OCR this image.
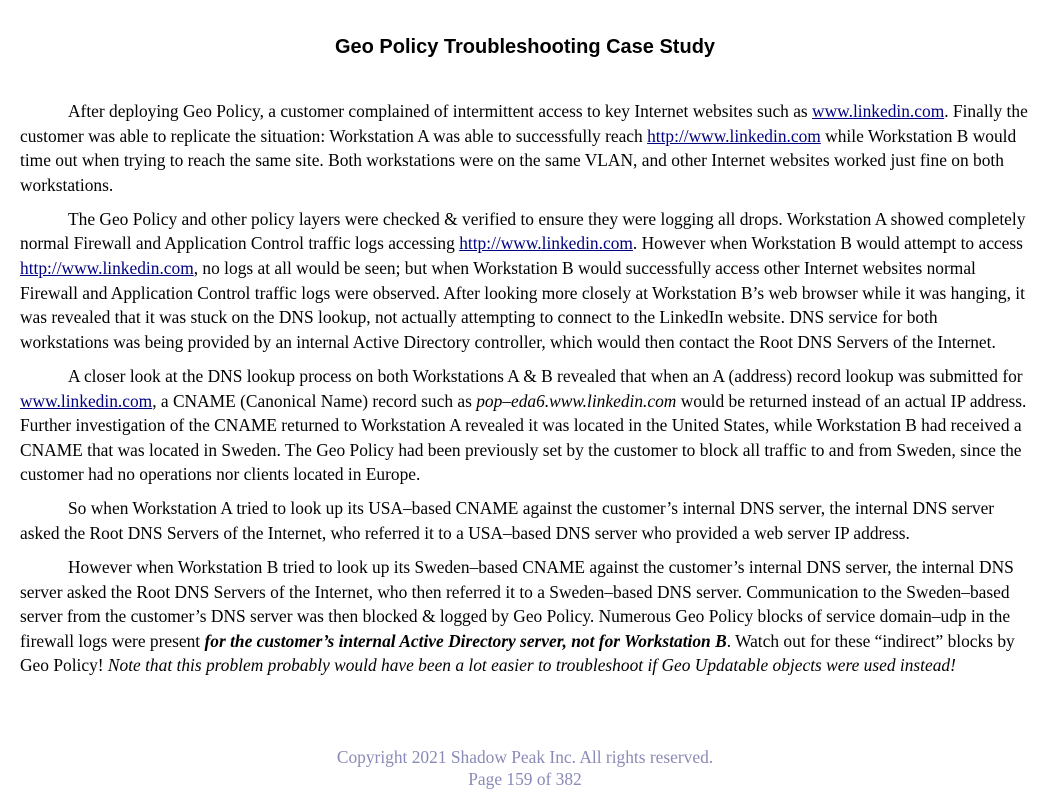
Geo Policy Troubleshooting Case Study

After deploying Geo Policy, a customer complained of intermittent access to key Internet websites such as www.linkedin.com. Finally the customer was able to replicate the situation: Workstation A was able to successfully reach http://www.linkedin.com while Workstation B would time out when trying to reach the same site. Both workstations were on the same VLAN, and other Internet websites worked just fine on both workstations.

The Geo Policy and other policy layers were checked & verified to ensure they were logging all drops. Workstation A showed completely normal Firewall and Application Control traffic logs accessing http://www.linkedin.com. However when Workstation B would attempt to access http://www.linkedin.com, no logs at all would be seen; but when Workstation B would successfully access other Internet websites normal Firewall and Application Control traffic logs were observed. After looking more closely at Workstation B’s web browser while it was hanging, it was revealed that it was stuck on the DNS lookup, not actually attempting to connect to the LinkedIn website. DNS service for both workstations was being provided by an internal Active Directory controller, which would then contact the Root DNS Servers of the Internet.

A closer look at the DNS lookup process on both Workstations A & B revealed that when an A (address) record lookup was submitted for www.linkedin.com, a CNAME (Canonical Name) record such as pop–eda6.www.linkedin.com would be returned instead of an actual IP address. Further investigation of the CNAME returned to Workstation A revealed it was located in the United States, while Workstation B had received a CNAME that was located in Sweden. The Geo Policy had been previously set by the customer to block all traffic to and from Sweden, since the customer had no operations nor clients located in Europe.

So when Workstation A tried to look up its USA–based CNAME against the customer’s internal DNS server, the internal DNS server asked the Root DNS Servers of the Internet, who referred it to a USA–based DNS server who provided a web server IP address.

However when Workstation B tried to look up its Sweden–based CNAME against the customer’s internal DNS server, the internal DNS server asked the Root DNS Servers of the Internet, who then referred it to a Sweden–based DNS server. Communication to the Sweden–based server from the customer’s DNS server was then blocked & logged by Geo Policy. Numerous Geo Policy blocks of service domain–udp in the firewall logs were present for the customer’s internal Active Directory server, not for Workstation B. Watch out for these “indirect” blocks by Geo Policy! Note that this problem probably would have been a lot easier to troubleshoot if Geo Updatable objects were used instead!

Copyright 2021 Shadow Peak Inc. All rights reserved.
Page 159 of 382
